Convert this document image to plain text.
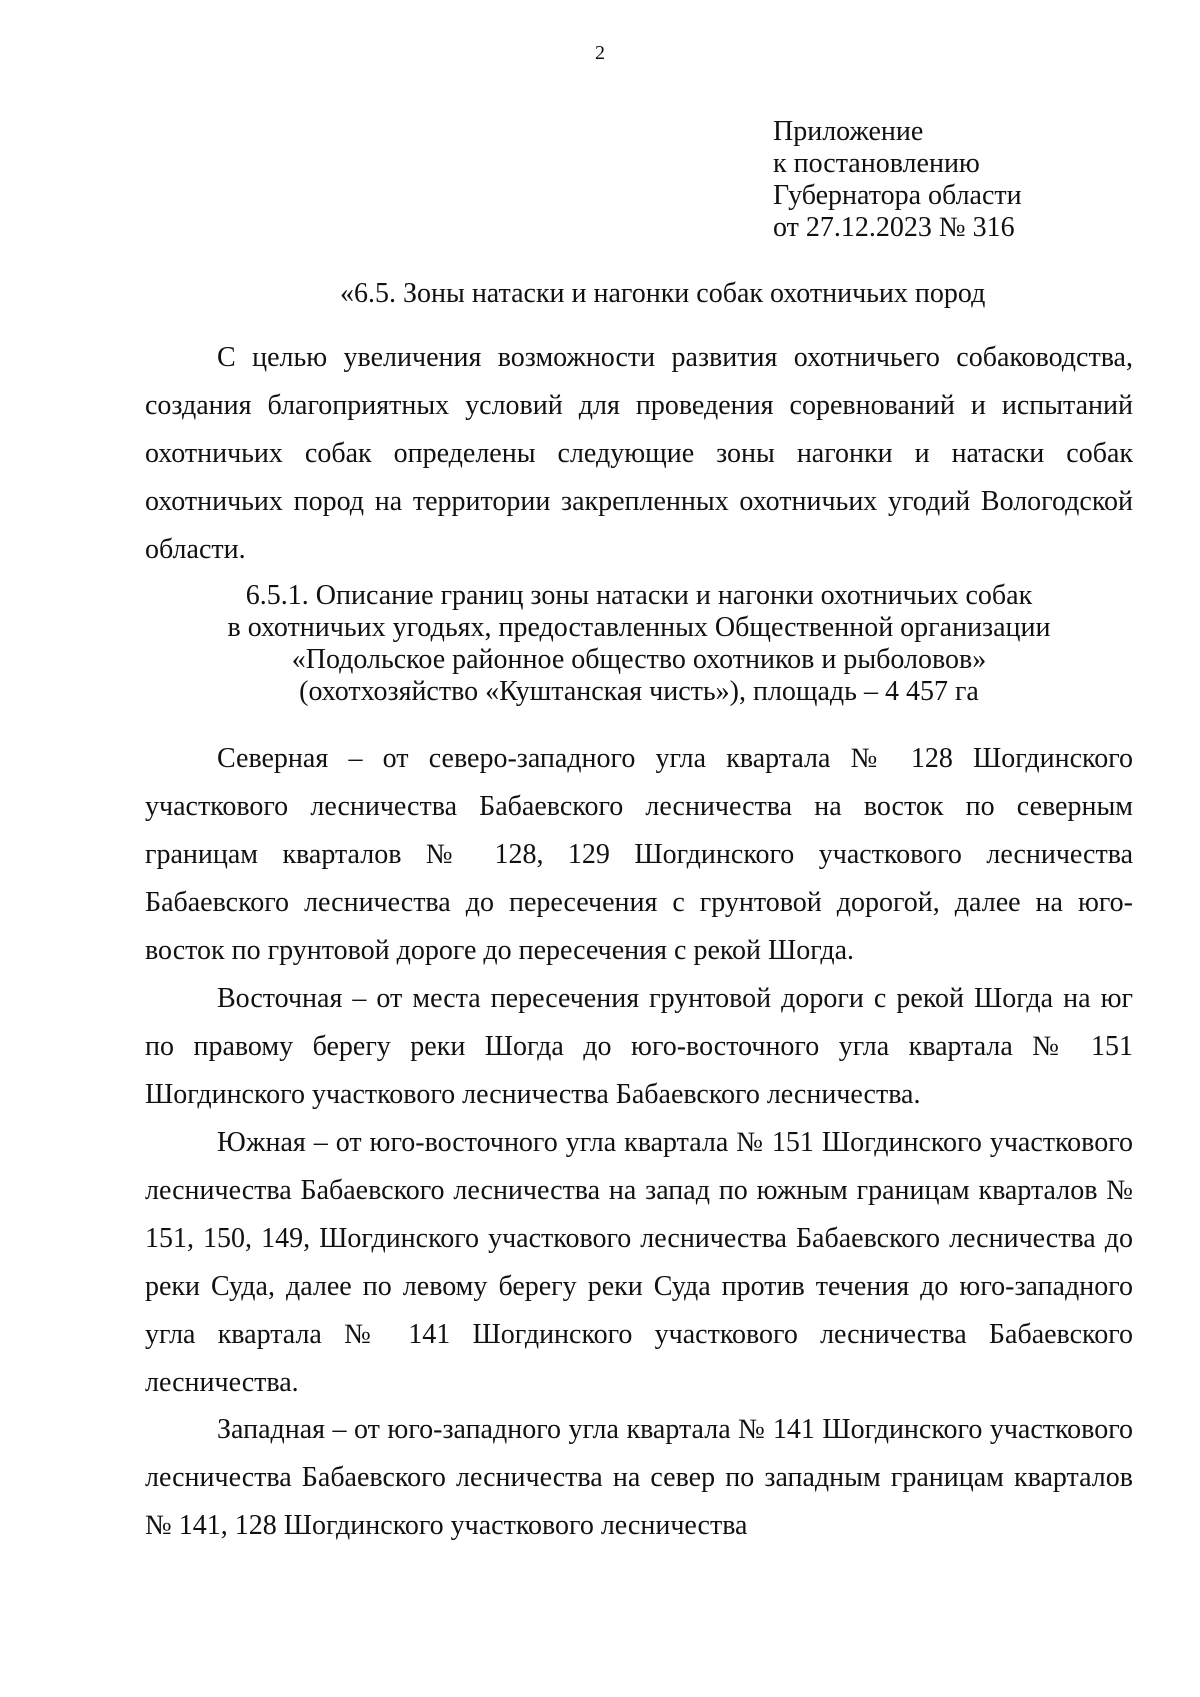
2
Приложение
к постановлению
Губернатора области
от 27.12.2023 № 316
«6.5. Зоны натаски и нагонки собак охотничьих пород

С целью увеличения возможности развития охотничьего собаководства, создания благоприятных условий для проведения соревнований и испытаний охотничьих собак определены следующие зоны нагонки и натаски собак охотничьих пород на территории закрепленных охотничьих угодий Вологодской области.

6.5.1. Описание границ зоны натаски и нагонки охотничьих собак
в охотничьих угодьях, предоставленных Общественной организации
«Подольское районное общество охотников и рыболовов»
(охотхозяйство «Куштанская чисть»), площадь – 4 457 га

Северная – от северо-западного угла квартала № 128 Шогдинского участкового лесничества Бабаевского лесничества на восток по северным границам кварталов № 128, 129 Шогдинского участкового лесничества Бабаевского лесничества до пересечения с грунтовой дорогой, далее на юго-восток по грунтовой дороге до пересечения с рекой Шогда.

Восточная – от места пересечения грунтовой дороги с рекой Шогда на юг по правому берегу реки Шогда до юго-восточного угла квартала № 151 Шогдинского участкового лесничества Бабаевского лесничества.

Южная – от юго-восточного угла квартала № 151 Шогдинского участкового лесничества Бабаевского лесничества на запад по южным границам кварталов № 151, 150, 149, Шогдинского участкового лесничества Бабаевского лесничества до реки Суда, далее по левому берегу реки Суда против течения до юго-западного угла квартала № 141 Шогдинского участкового лесничества Бабаевского лесничества.

Западная – от юго-западного угла квартала № 141 Шогдинского участкового лесничества Бабаевского лесничества на север по западным границам кварталов № 141, 128 Шогдинского участкового лесничества
